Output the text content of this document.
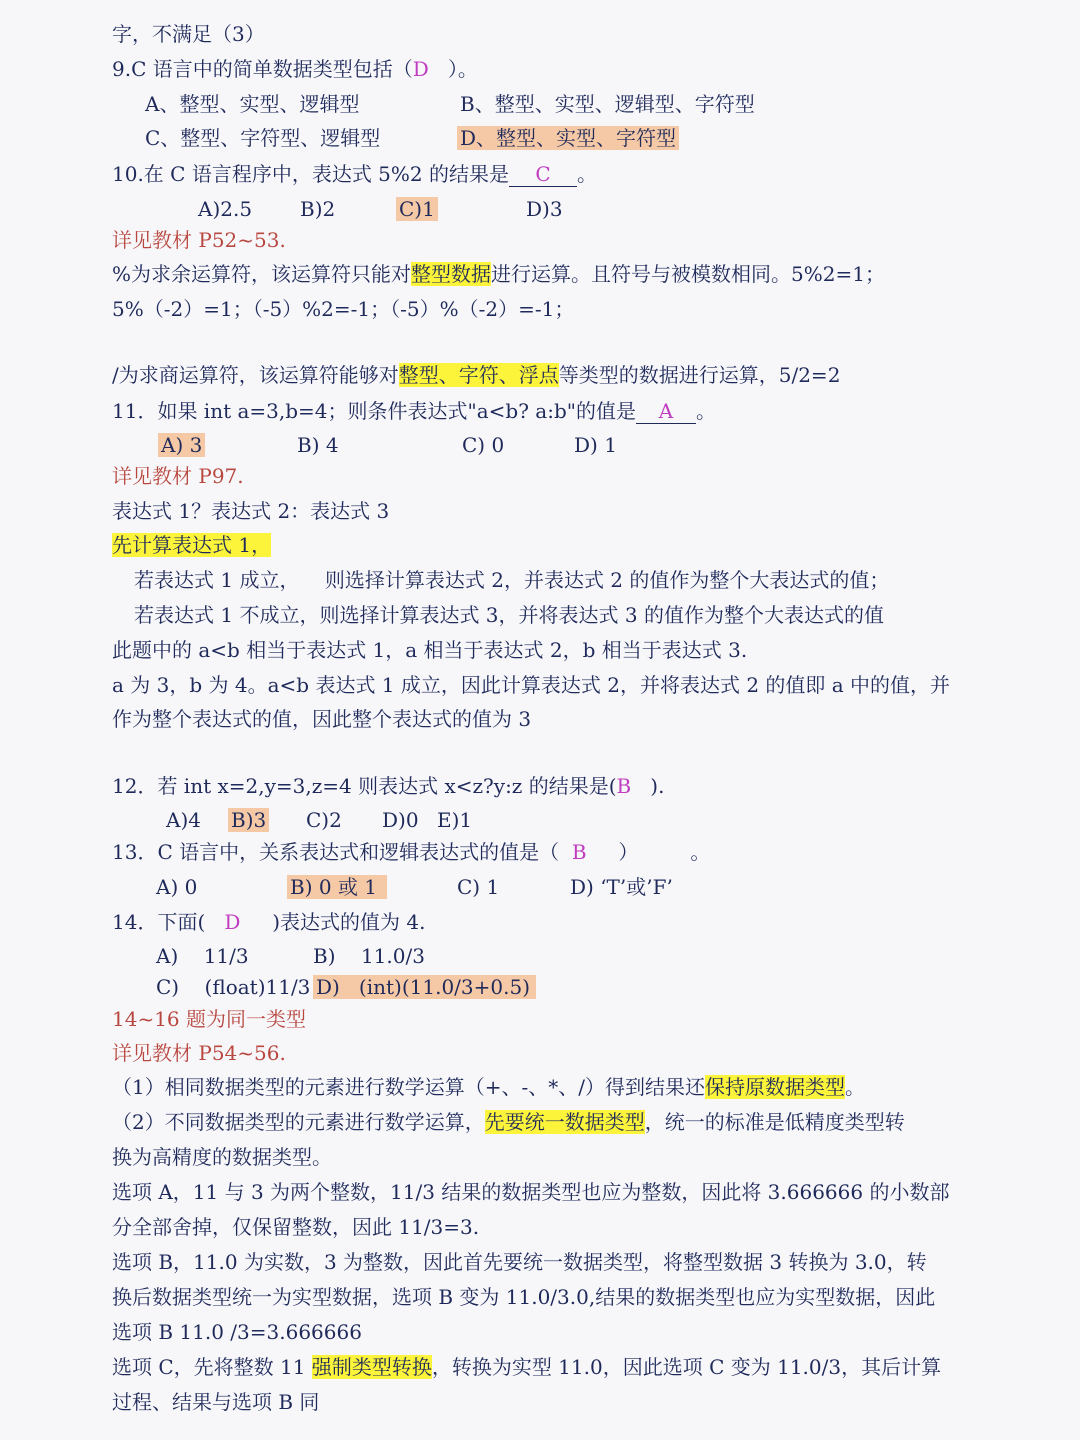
字，不满足（3）
9.C 语言中的简单数据类型包括（D ）。
A、整型、实型、逻辑型	B、整型、实型、逻辑型、字符型
C、整型、字符型、逻辑型	D、整型、实型、字符型
10.在 C 语言程序中，表达式 5%2 的结果是 C 。
A)2.5 B)2	C)1	D)3
详见教材 P52~53.
%为求余运算符，该运算符只能对整型数据进行运算。且符号与被模数相同。5%2=1；
5%（-2）=1；（-5）%2=-1；（-5）%（-2）=-1；
/为求商运算符，该运算符能够对整型、字符、浮点等类型的数据进行运算，5/2=2
11．如果 int a=3,b=4；则条件表达式"a<b? a:b"的值是 A 。
A) 3	B) 4	C) 0	D) 1
详见教材 P97.
表达式 1？表达式 2：表达式 3
先计算表达式 1，
若表达式 1 成立，    则选择计算表达式 2，并表达式 2 的值作为整个大表达式的值；
若表达式 1 不成立，则选择计算表达式 3，并将表达式 3 的值作为整个大表达式的值
此题中的 a<b 相当于表达式 1，a 相当于表达式 2，b 相当于表达式 3.
a 为 3，b 为 4。a<b 表达式 1 成立，因此计算表达式 2，并将表达式 2 的值即 a 中的值，并
作为整个表达式的值，因此整个表达式的值为 3
12．若 int x=2,y=3,z=4 则表达式 x<z?y:z 的结果是(B ).
A)4 B)3 C)2 D)0 E)1
13．C 语言中，关系表达式和逻辑表达式的值是（ B ）	。
A) 0	B) 0 或 1	C) 1	D) ‘T’或’F’
14．下面( D )表达式的值为 4.
A) 11/3	B) 11.0/3
C) (float)11/3 D) (int)(11.0/3+0.5)
14~16 题为同一类型
详见教材 P54~56.
（1）相同数据类型的元素进行数学运算（+、-、*、/）得到结果还保持原数据类型。
（2）不同数据类型的元素进行数学运算，先要统一数据类型，统一的标准是低精度类型转
换为高精度的数据类型。
选项 A，11 与 3 为两个整数，11/3 结果的数据类型也应为整数，因此将 3.666666 的小数部
分全部舍掉，仅保留整数，因此 11/3=3.
选项 B，11.0 为实数，3 为整数，因此首先要统一数据类型，将整型数据 3 转换为 3.0，转
换后数据类型统一为实型数据，选项 B 变为 11.0/3.0,结果的数据类型也应为实型数据，因此
选项 B 11.0 /3=3.666666
选项 C，先将整数 11 强制类型转换，转换为实型 11.0，因此选项 C 变为 11.0/3，其后计算
过程、结果与选项 B 同
